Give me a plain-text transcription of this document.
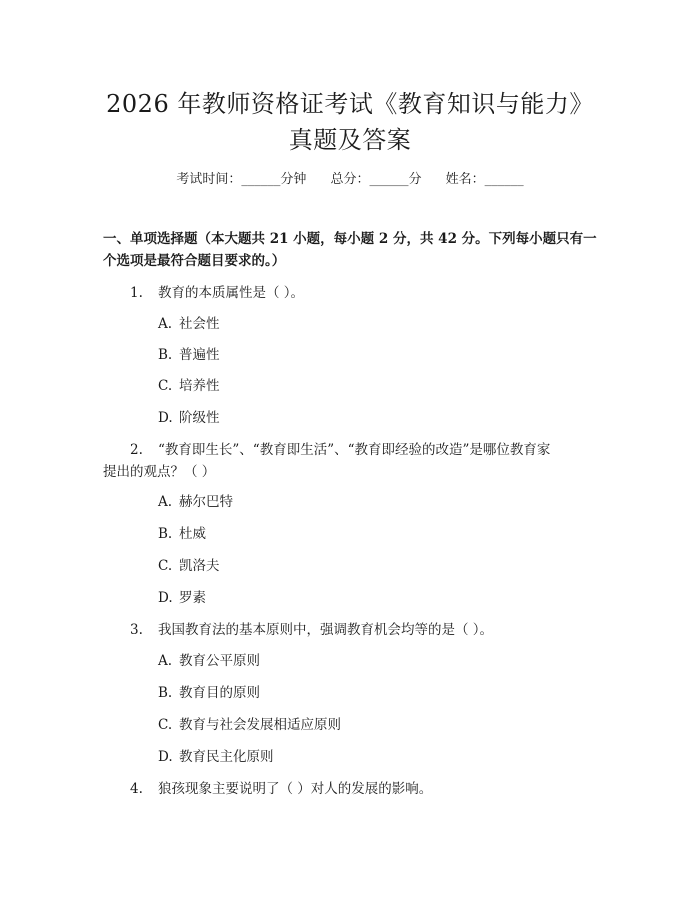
2026 年教师资格证考试《教育知识与能力》
真题及答案
考试时间：______分钟 总分：______分 姓名：______
一、单项选择题（本大题共 21 小题，每小题 2 分，共 42 分。下列每小题只有一个选项是最符合题目要求的。）
1. 教育的本质属性是（ ）。
A. 社会性
B. 普遍性
C. 培养性
D. 阶级性
2. “教育即生长”、“教育即生活”、“教育即经验的改造”是哪位教育家
提出的观点？（ ）
A. 赫尔巴特
B. 杜威
C. 凯洛夫
D. 罗素
3. 我国教育法的基本原则中，强调教育机会均等的是（ ）。
A. 教育公平原则
B. 教育目的原则
C. 教育与社会发展相适应原则
D. 教育民主化原则
4. 狼孩现象主要说明了（ ）对人的发展的影响。
